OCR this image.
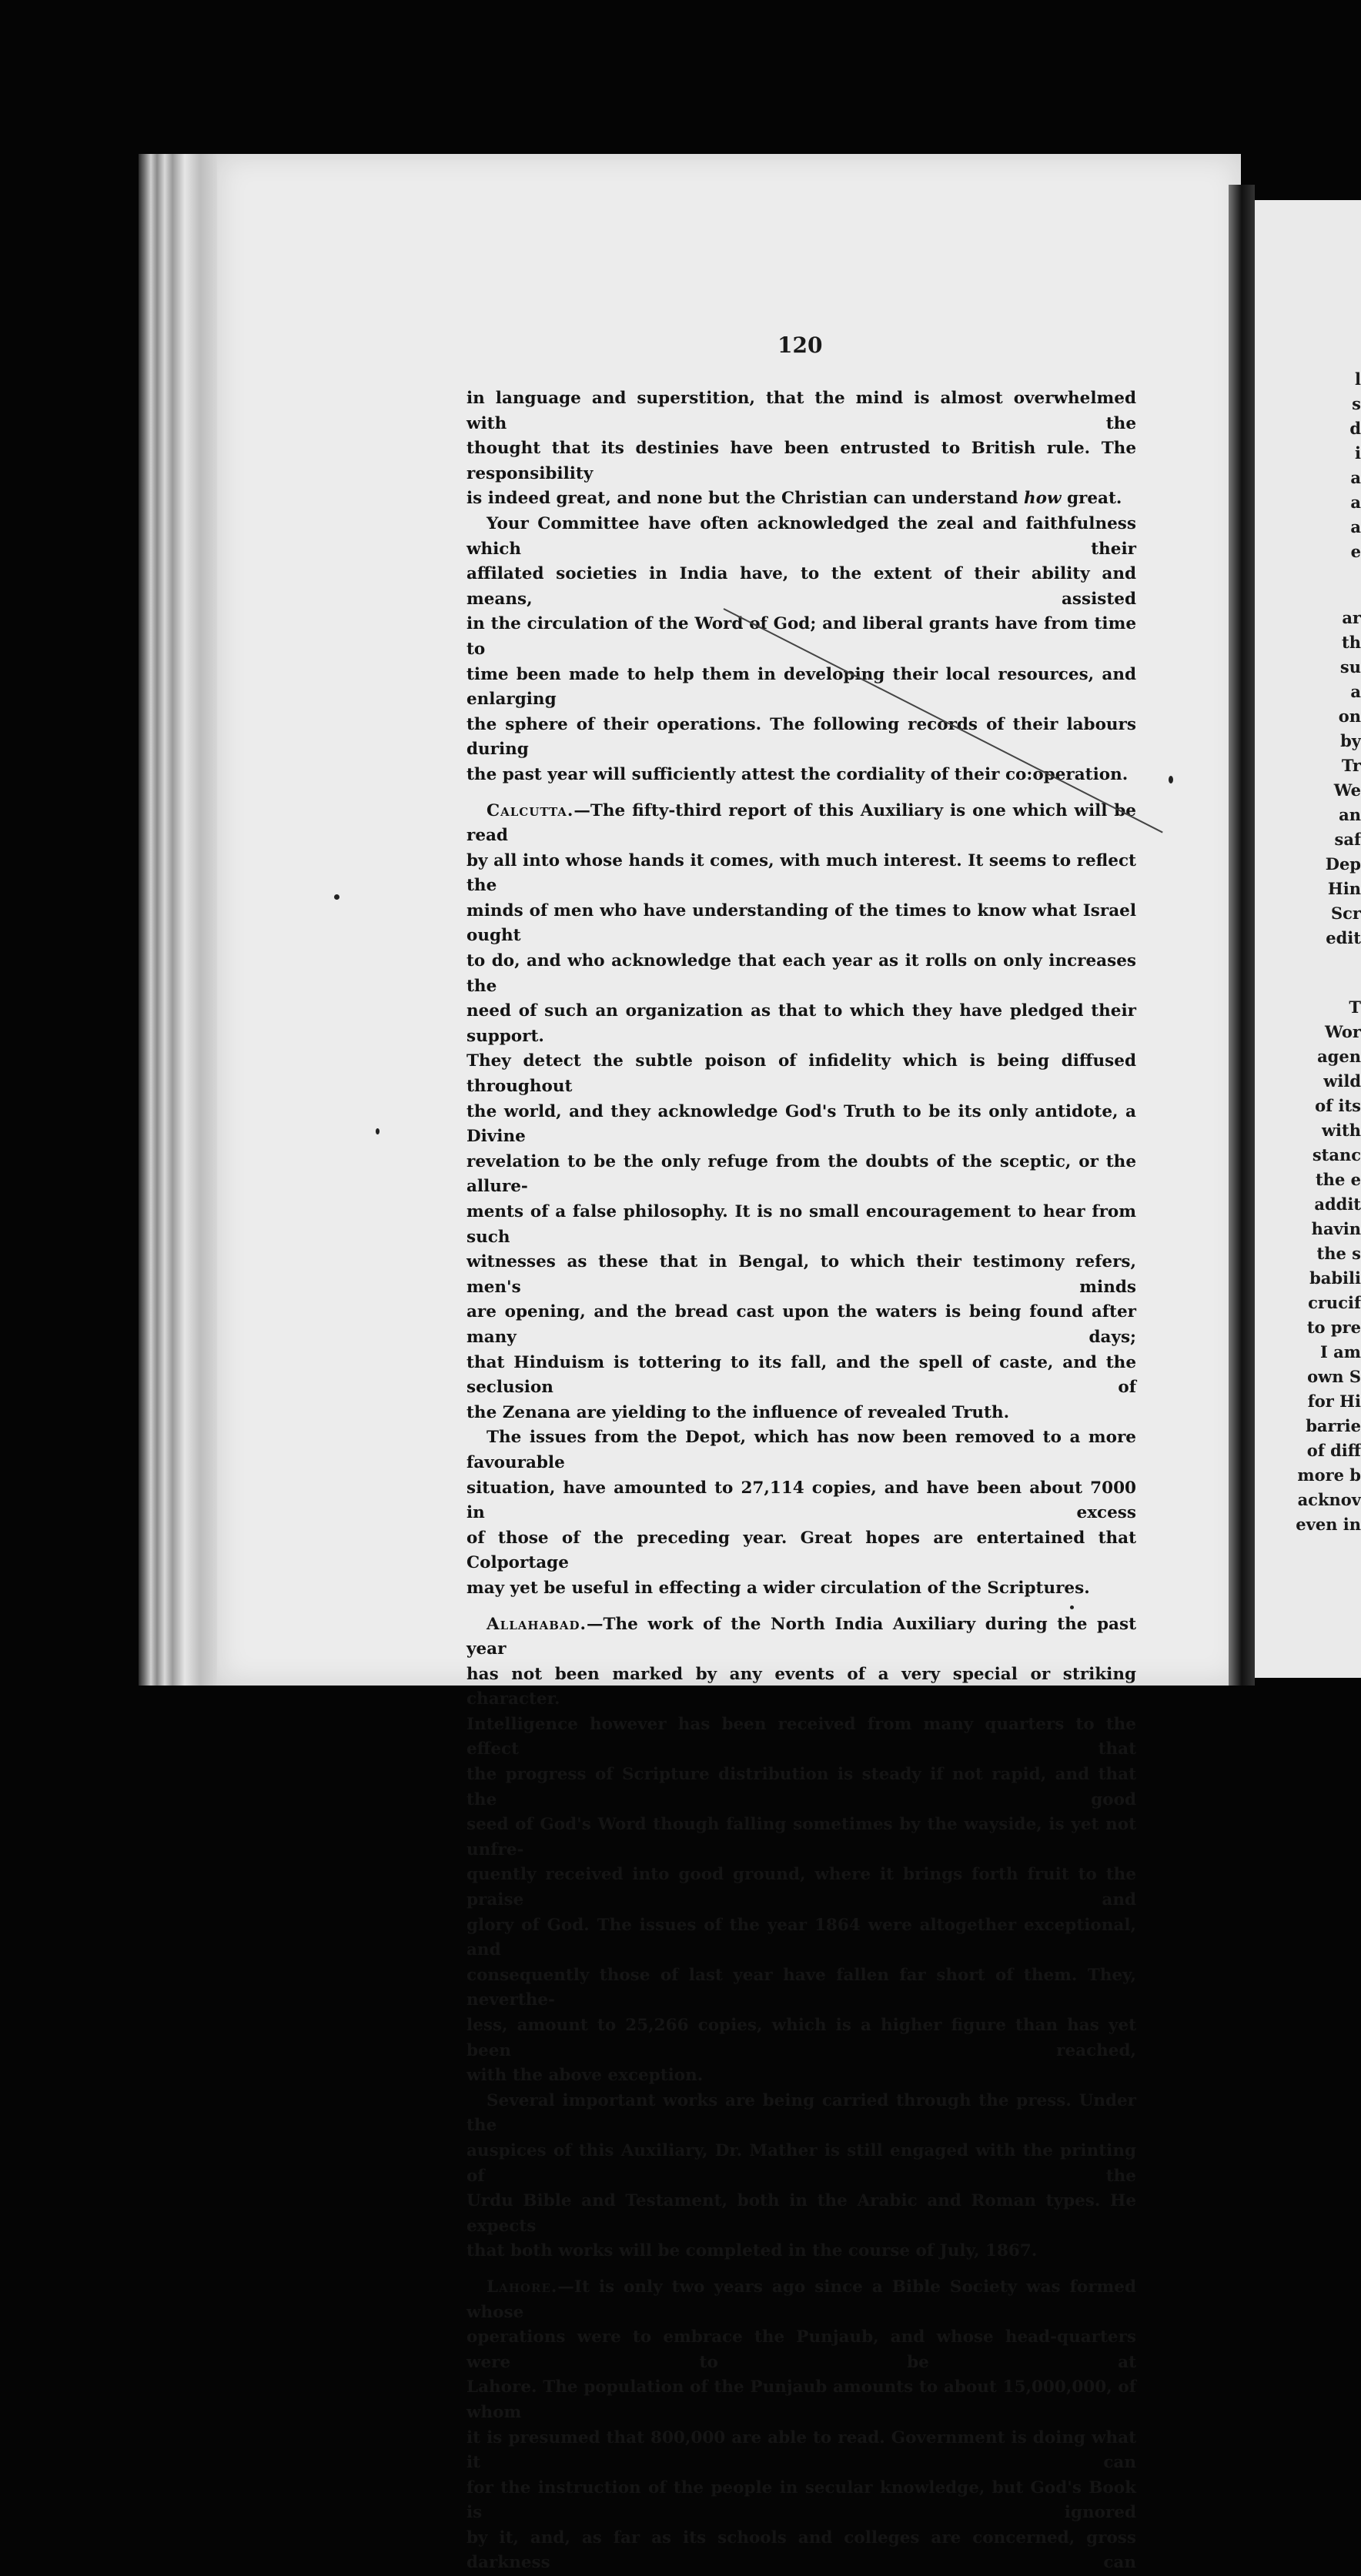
l
s
d
i
a
a
a
e
ar
th
su
a
on
by
Tr
We
an
saf
Dep
Hin
Scr
edit
T
Wor
agen
wild
of its
with
stanc
the e
addit
havin
the s
babili
crucif
to pre
I am
own S
for Hi
barrie
of diff
more b
acknov
even in
120

in language and superstition, that the mind is almost overwhelmed with the

thought that its destinies have been entrusted to British rule. The responsibility

is indeed great, and none but the Christian can understand how great.

Your Committee have often acknowledged the zeal and faithfulness which their

affilated societies in India have, to the extent of their ability and means, assisted

in the circulation of the Word of God; and liberal grants have from time to

time been made to help them in developing their local resources, and enlarging

the sphere of their operations. The following records of their labours during

the past year will sufficiently attest the cordiality of their co:operation.

Calcutta.—The fifty-third report of this Auxiliary is one which will be read

by all into whose hands it comes, with much interest. It seems to reflect the

minds of men who have understanding of the times to know what Israel ought

to do, and who acknowledge that each year as it rolls on only increases the

need of such an organization as that to which they have pledged their support.

They detect the subtle poison of infidelity which is being diffused throughout

the world, and they acknowledge God's Truth to be its only antidote, a Divine

revelation to be the only refuge from the doubts of the sceptic, or the allure-

ments of a false philosophy. It is no small encouragement to hear from such

witnesses as these that in Bengal, to which their testimony refers, men's minds

are opening, and the bread cast upon the waters is being found after many days;

that Hinduism is tottering to its fall, and the spell of caste, and the seclusion of

the Zenana are yielding to the influence of revealed Truth.

The issues from the Depot, which has now been removed to a more favourable

situation, have amounted to 27,114 copies, and have been about 7000 in excess

of those of the preceding year. Great hopes are entertained that Colportage

may yet be useful in effecting a wider circulation of the Scriptures.

Allahabad.—The work of the North India Auxiliary during the past year

has not been marked by any events of a very special or striking character.

Intelligence however has been received from many quarters to the effect that

the progress of Scripture distribution is steady if not rapid, and that the good

seed of God's Word though falling sometimes by the wayside, is yet not unfre-

quently received into good ground, where it brings forth fruit to the praise and

glory of God. The issues of the year 1864 were altogether exceptional, and

consequently those of last year have fallen far short of them. They, neverthe-

less, amount to 25,266 copies, which is a higher figure than has yet been reached,

with the above exception.

Several important works are being carried through the press. Under the

auspices of this Auxiliary, Dr. Mather is still engaged with the printing of the

Urdu Bible and Testament, both in the Arabic and Roman types. He expects

that both works will be completed in the course of July, 1867.

Lahore.—It is only two years ago since a Bible Society was formed whose

operations were to embrace the Punjaub, and whose head-quarters were to be at

Lahore. The population of the Punjaub amounts to about 15,000,000, of whom

it is presumed that 800,000 are able to read. Government is doing what it can

for the instruction of the people in secular knowledge, but God's Book is ignored

by it, and, as far as its schools and colleges are concerned, gross darkness can
